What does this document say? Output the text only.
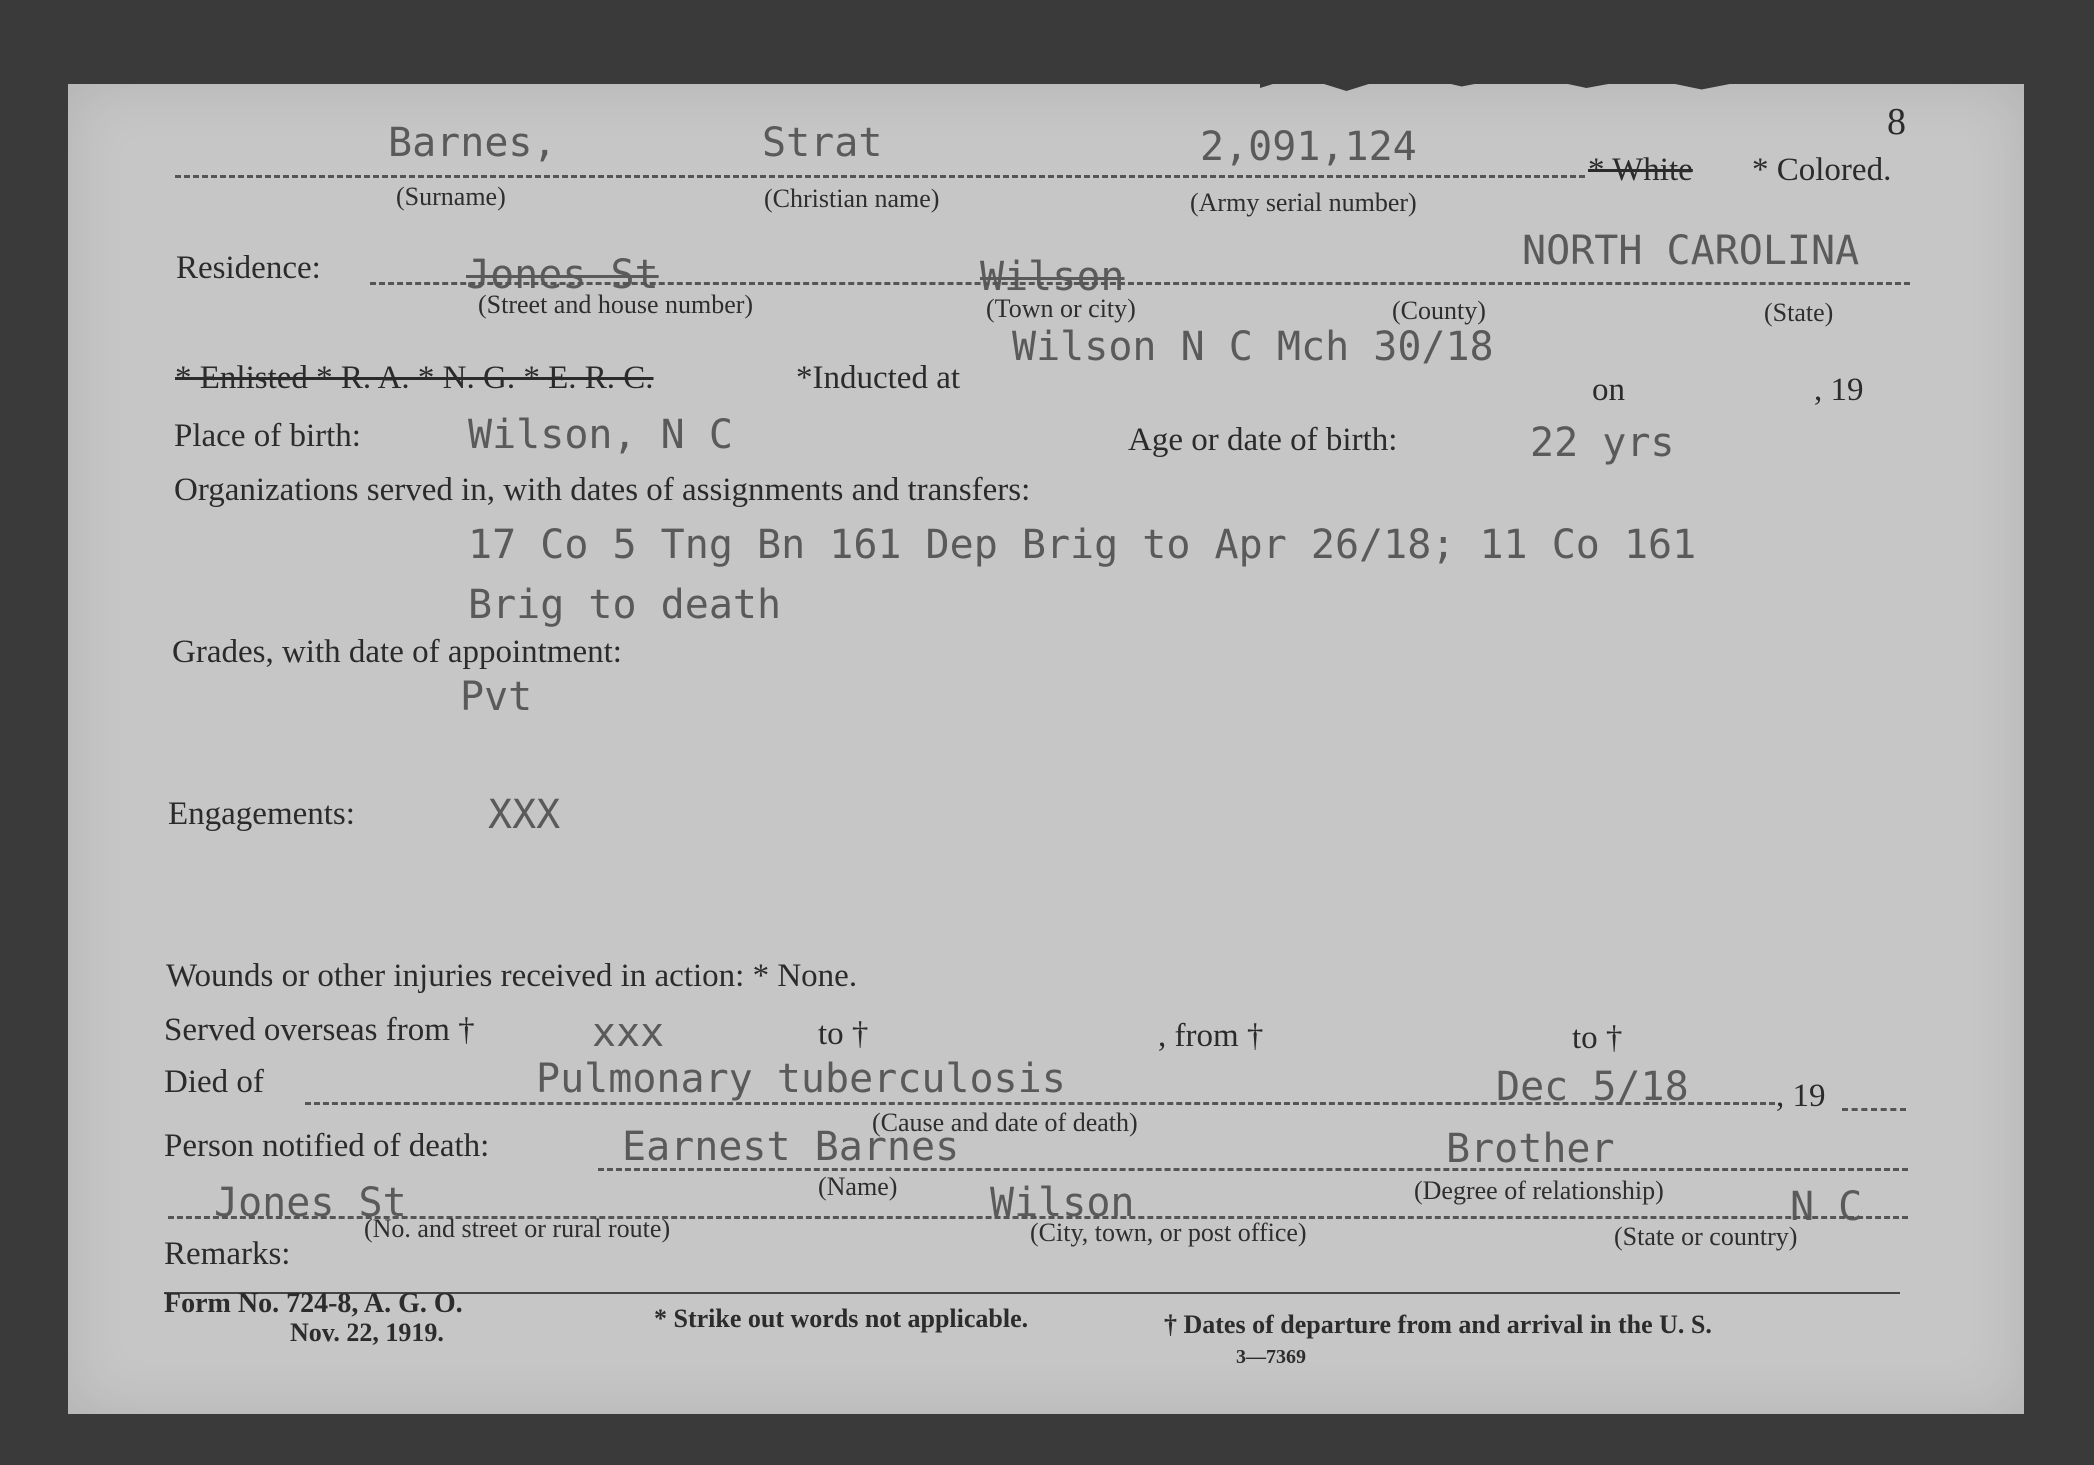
8
Barnes,	Strat	2,091,124	* White * Colored.
(Surname)	(Christian name)	(Army serial number)
Residence:	Jones St	Wilson
NORTH CAROLINA
(Street and house number)	(Town or city)	(County)	(State)
Wilson N C Mch 30/18
* Enlisted * R. A. * N. G. * E. R. C.	*Inducted at	on	, 19
Place of birth:	Wilson, N C	Age or date of birth:	22 yrs
Organizations served in, with dates of assignments and transfers:
17 Co 5 Tng Bn 161 Dep Brig to Apr 26/18; 11 Co 161
Brig to death
Grades, with date of appointment:
Pvt
Engagements:	XXX
Wounds or other injuries received in action: * None.
Served overseas from †	xxx	to †	, from †	to †
Died of	Pulmonary tuberculosis	Dec 5/18	, 19
(Cause and date of death)
Person notified of death:	Earnest Barnes	Brother
(Name)	(Degree of relationship)
Jones St	Wilson	N C
(No. and street or rural route)	(City, town, or post office)	(State or country)
Remarks:
Form No. 724-8, A. G. O.
Nov. 22, 1919.	* Strike out words not applicable.	† Dates of departure from and arrival in the U. S.
3—7369
